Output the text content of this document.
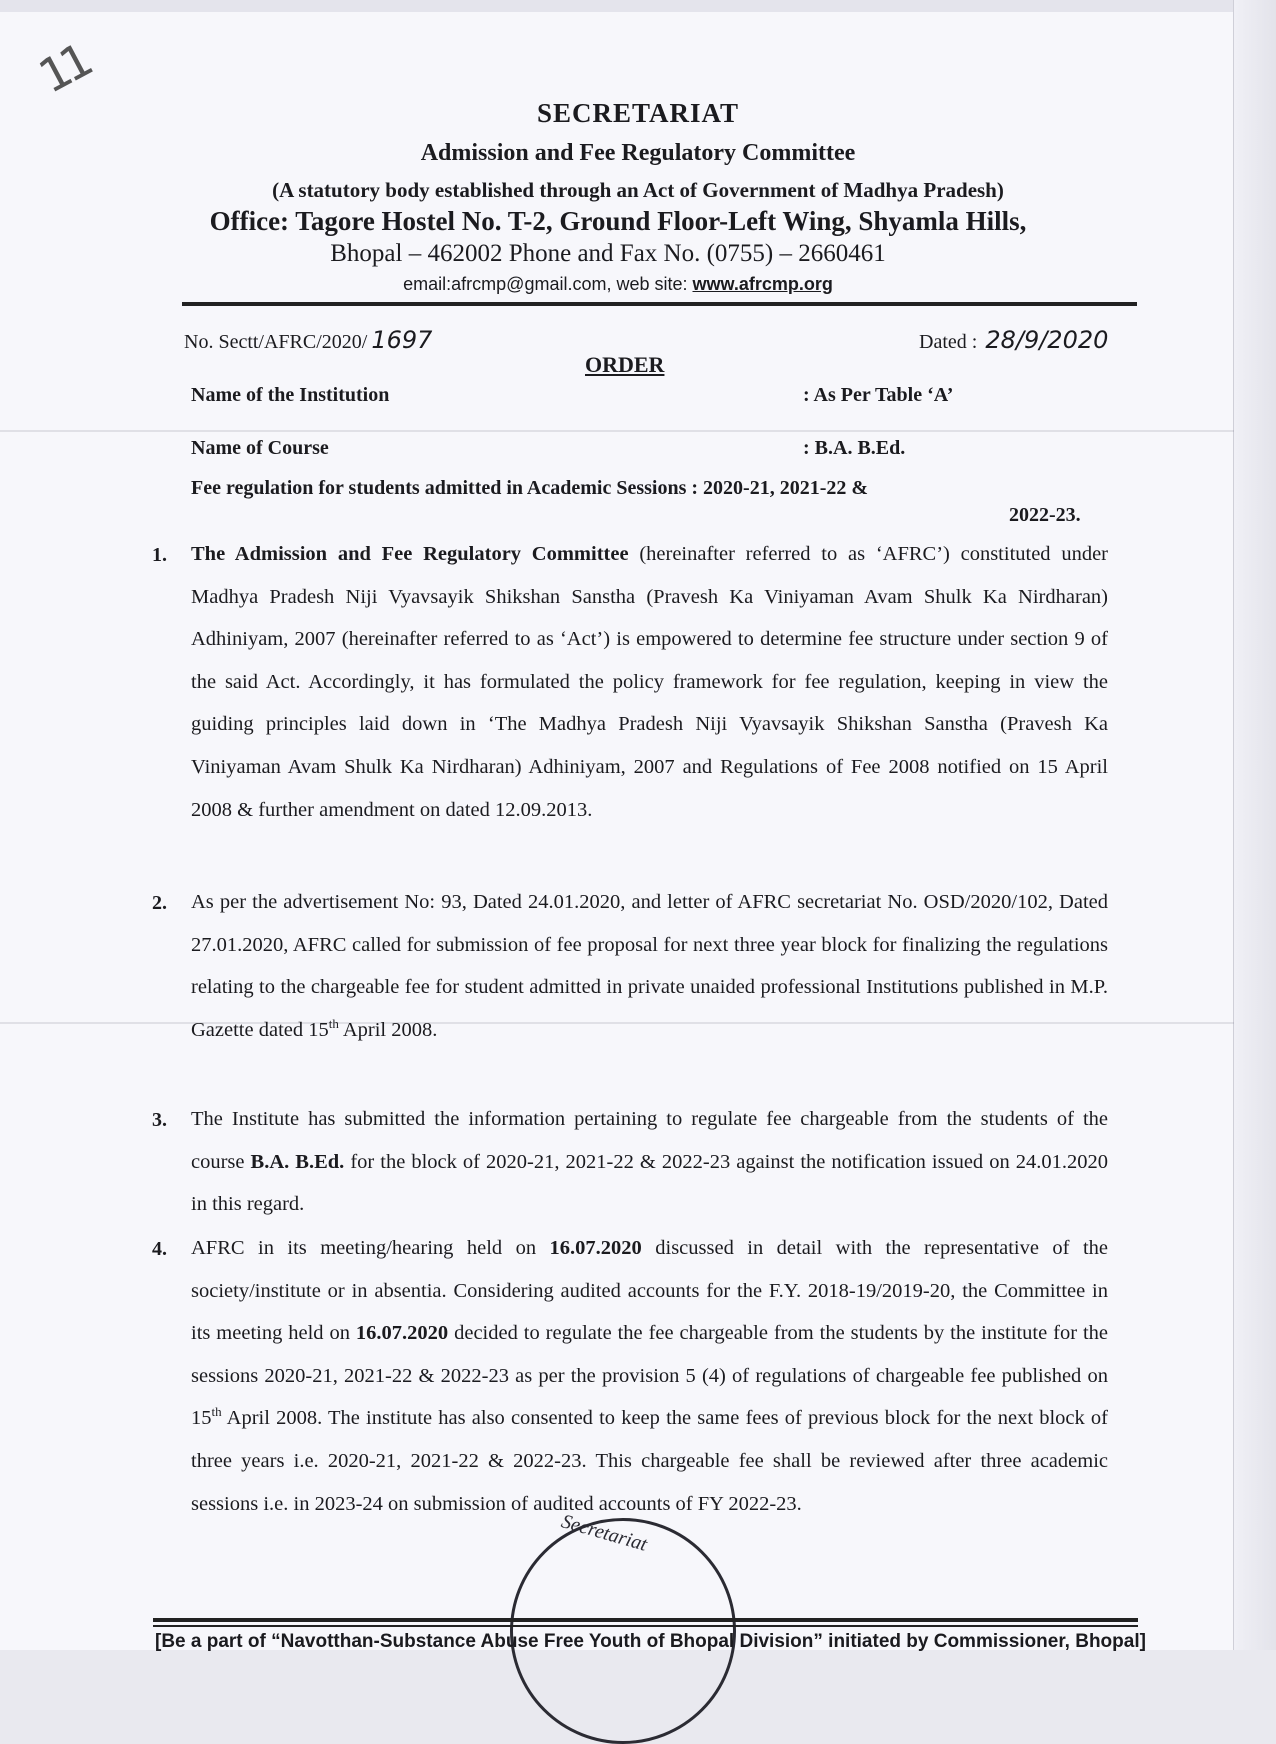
11
SECRETARIAT
Admission and Fee Regulatory Committee
(A statutory body established through an Act of Government of Madhya Pradesh)
Office: Tagore Hostel No. T-2, Ground Floor-Left Wing, Shyamla Hills,
Bhopal – 462002 Phone and Fax No. (0755) – 2660461
email:afrcmp@gmail.com, web site: www.afrcmp.org
No. Sectt/AFRC/2020/ 1697	Dated : 28/9/2020
ORDER
Name of the Institution	: As Per Table ‘A’
Name of Course	: B.A. B.Ed.
Fee regulation for students admitted in Academic Sessions : 2020-21, 2021-22 &
2022-23.
1. The Admission and Fee Regulatory Committee (hereinafter referred to as ‘AFRC’) constituted under Madhya Pradesh Niji Vyavsayik Shikshan Sanstha (Pravesh Ka Viniyaman Avam Shulk Ka Nirdharan) Adhiniyam, 2007 (hereinafter referred to as ‘Act’) is empowered to determine fee structure under section 9 of the said Act. Accordingly, it has formulated the policy framework for fee regulation, keeping in view the guiding principles laid down in ‘The Madhya Pradesh Niji Vyavsayik Shikshan Sanstha (Pravesh Ka Viniyaman Avam Shulk Ka Nirdharan) Adhiniyam, 2007 and Regulations of Fee 2008 notified on 15 April 2008 & further amendment on dated 12.09.2013.
2. As per the advertisement No: 93, Dated 24.01.2020, and letter of AFRC secretariat No. OSD/2020/102, Dated 27.01.2020, AFRC called for submission of fee proposal for next three year block for finalizing the regulations relating to the chargeable fee for student admitted in private unaided professional Institutions published in M.P. Gazette dated 15th April 2008.
3. The Institute has submitted the information pertaining to regulate fee chargeable from the students of the course B.A. B.Ed. for the block of 2020-21, 2021-22 & 2022-23 against the notification issued on 24.01.2020 in this regard.
4. AFRC in its meeting/hearing held on 16.07.2020 discussed in detail with the representative of the society/institute or in absentia. Considering audited accounts for the F.Y. 2018-19/2019-20, the Committee in its meeting held on 16.07.2020 decided to regulate the fee chargeable from the students by the institute for the sessions 2020-21, 2021-22 & 2022-23 as per the provision 5 (4) of regulations of chargeable fee published on 15th April 2008. The institute has also consented to keep the same fees of previous block for the next block of three years i.e. 2020-21, 2021-22 & 2022-23. This chargeable fee shall be reviewed after three academic sessions i.e. in 2023-24 on submission of audited accounts of FY 2022-23.
Secretariat
[Be a part of “Navotthan-Substance Abuse Free Youth of Bhopal Division” initiated by Commissioner, Bhopal]
